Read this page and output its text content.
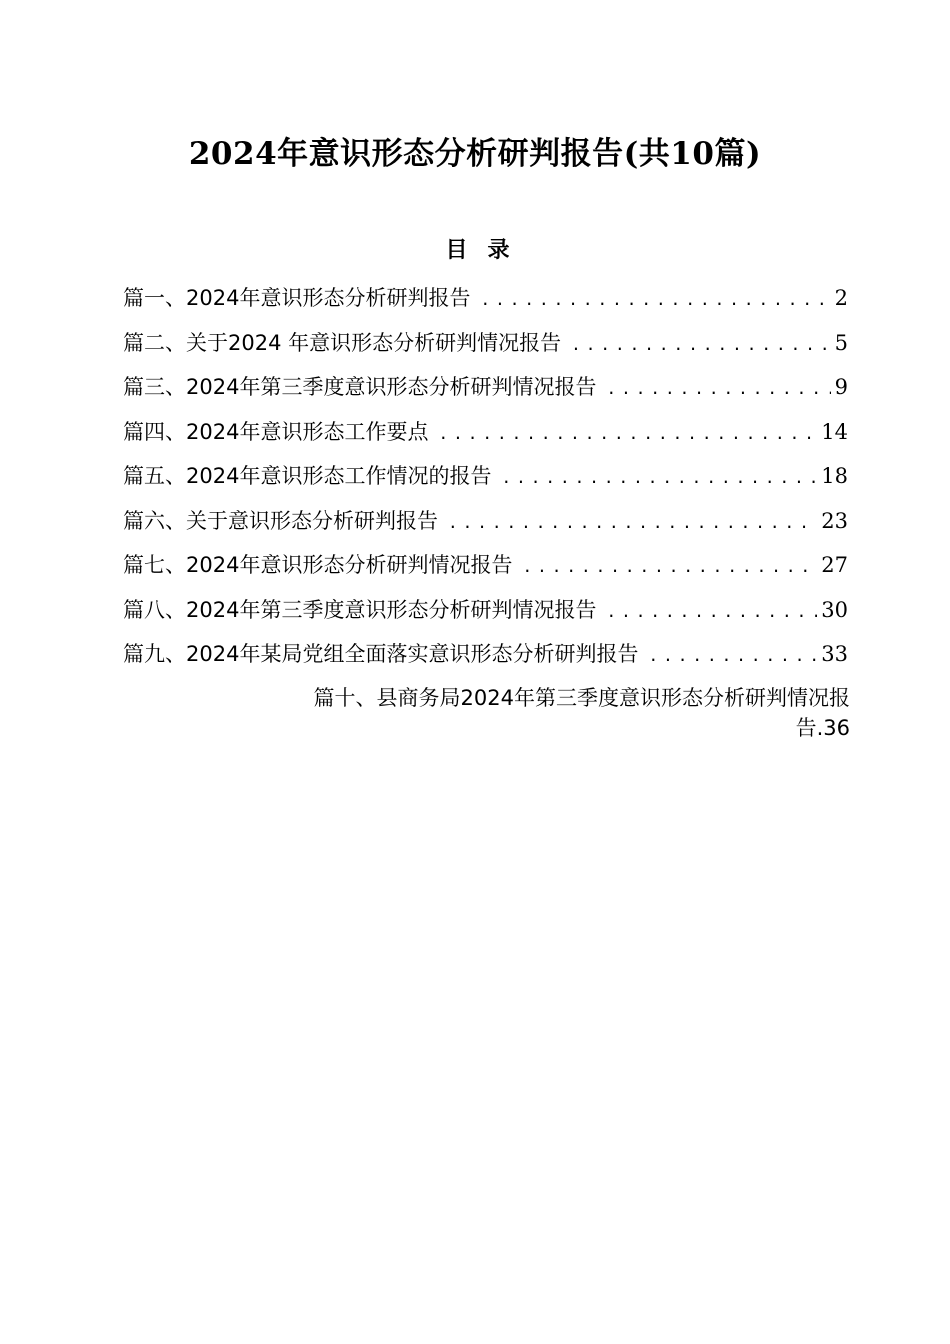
2024年意识形态分析研判报告(共10篇)
目录
篇一、2024年意识形态分析研判报告 .....	2
篇二、关于2024 年意识形态分析研判情况报告 .....	5
篇三、2024年第三季度意识形态分析研判情况报告 .....	9
篇四、2024年意识形态工作要点 .....	14
篇五、2024年意识形态工作情况的报告 .....	18
篇六、关于意识形态分析研判报告 .....	23
篇七、2024年意识形态分析研判情况报告 .....	27
篇八、2024年第三季度意识形态分析研判情况报告 .....	30
篇九、2024年某局党组全面落实意识形态分析研判报告 .....	33
篇十、县商务局2024年第三季度意识形态分析研判情况报
告.36
